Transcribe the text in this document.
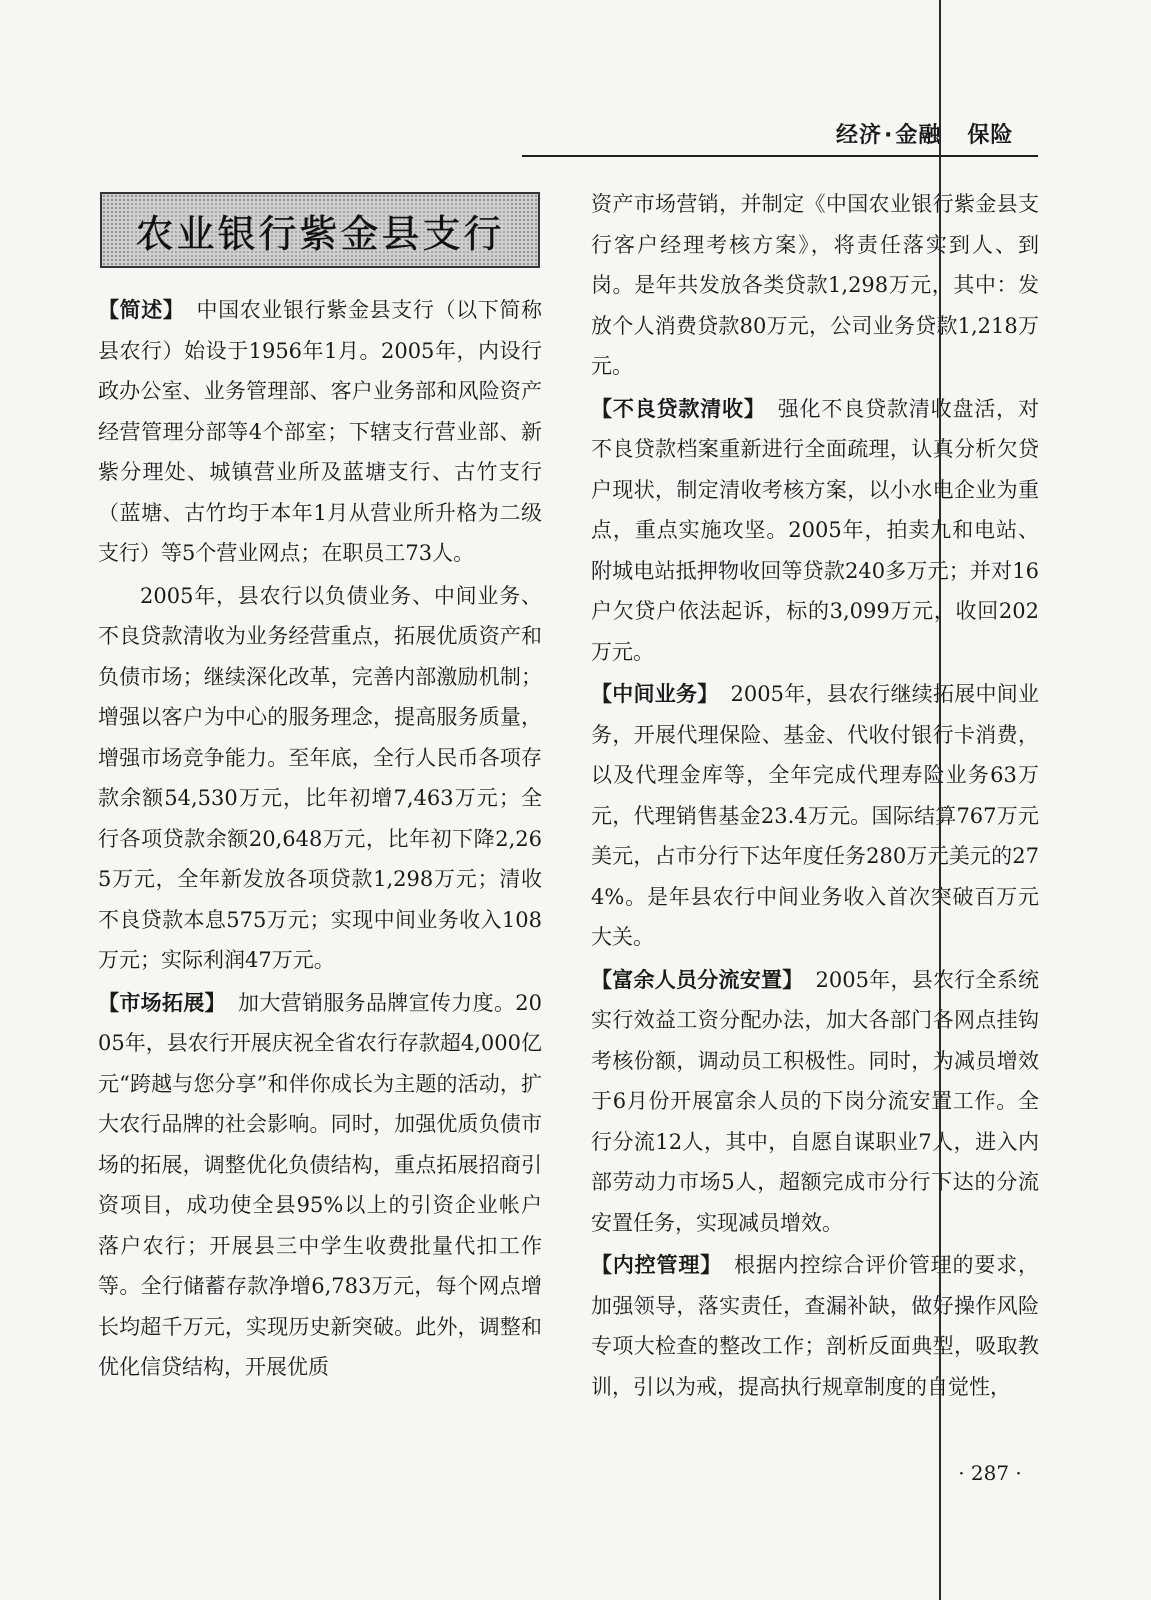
经济·金融 保险
农业银行紫金县支行

【简述】 中国农业银行紫金县支行（以下简称县农行）始设于1956年1月。2005年，内设行政办公室、业务管理部、客户业务部和风险资产经营管理分部等4个部室；下辖支行营业部、新紫分理处、城镇营业所及蓝塘支行、古竹支行（蓝塘、古竹均于本年1月从营业所升格为二级支行）等5个营业网点；在职员工73人。

2005年，县农行以负债业务、中间业务、不良贷款清收为业务经营重点，拓展优质资产和负债市场；继续深化改革，完善内部激励机制；增强以客户为中心的服务理念，提高服务质量，增强市场竞争能力。至年底，全行人民币各项存款余额54,530万元，比年初增7,463万元；全行各项贷款余额20,648万元，比年初下降2,265万元，全年新发放各项贷款1,298万元；清收不良贷款本息575万元；实现中间业务收入108万元；实际利润47万元。

【市场拓展】 加大营销服务品牌宣传力度。2005年，县农行开展庆祝全省农行存款超4,000亿元“跨越与您分享”和伴你成长为主题的活动，扩大农行品牌的社会影响。同时，加强优质负债市场的拓展，调整优化负债结构，重点拓展招商引资项目，成功使全县95%以上的引资企业帐户落户农行；开展县三中学生收费批量代扣工作等。全行储蓄存款净增6,783万元，每个网点增长均超千万元，实现历史新突破。此外，调整和优化信贷结构，开展优质

资产市场营销，并制定《中国农业银行紫金县支行客户经理考核方案》，将责任落实到人、到岗。是年共发放各类贷款1,298万元，其中：发放个人消费贷款80万元，公司业务贷款1,218万元。

【不良贷款清收】 强化不良贷款清收盘活，对不良贷款档案重新进行全面疏理，认真分析欠贷户现状，制定清收考核方案，以小水电企业为重点，重点实施攻坚。2005年，拍卖九和电站、附城电站抵押物收回等贷款240多万元；并对16户欠贷户依法起诉，标的3,099万元，收回202万元。

【中间业务】 2005年，县农行继续拓展中间业务，开展代理保险、基金、代收付银行卡消费，以及代理金库等，全年完成代理寿险业务63万元，代理销售基金23.4万元。国际结算767万元美元，占市分行下达年度任务280万元美元的274%。是年县农行中间业务收入首次突破百万元大关。

【富余人员分流安置】 2005年，县农行全系统实行效益工资分配办法，加大各部门各网点挂钩考核份额，调动员工积极性。同时，为减员增效于6月份开展富余人员的下岗分流安置工作。全行分流12人，其中，自愿自谋职业7人，进入内部劳动力市场5人，超额完成市分行下达的分流安置任务，实现减员增效。

【内控管理】 根据内控综合评价管理的要求，加强领导，落实责任，查漏补缺，做好操作风险专项大检查的整改工作；剖析反面典型，吸取教训，引以为戒，提高执行规章制度的自觉性，

· 287 ·
